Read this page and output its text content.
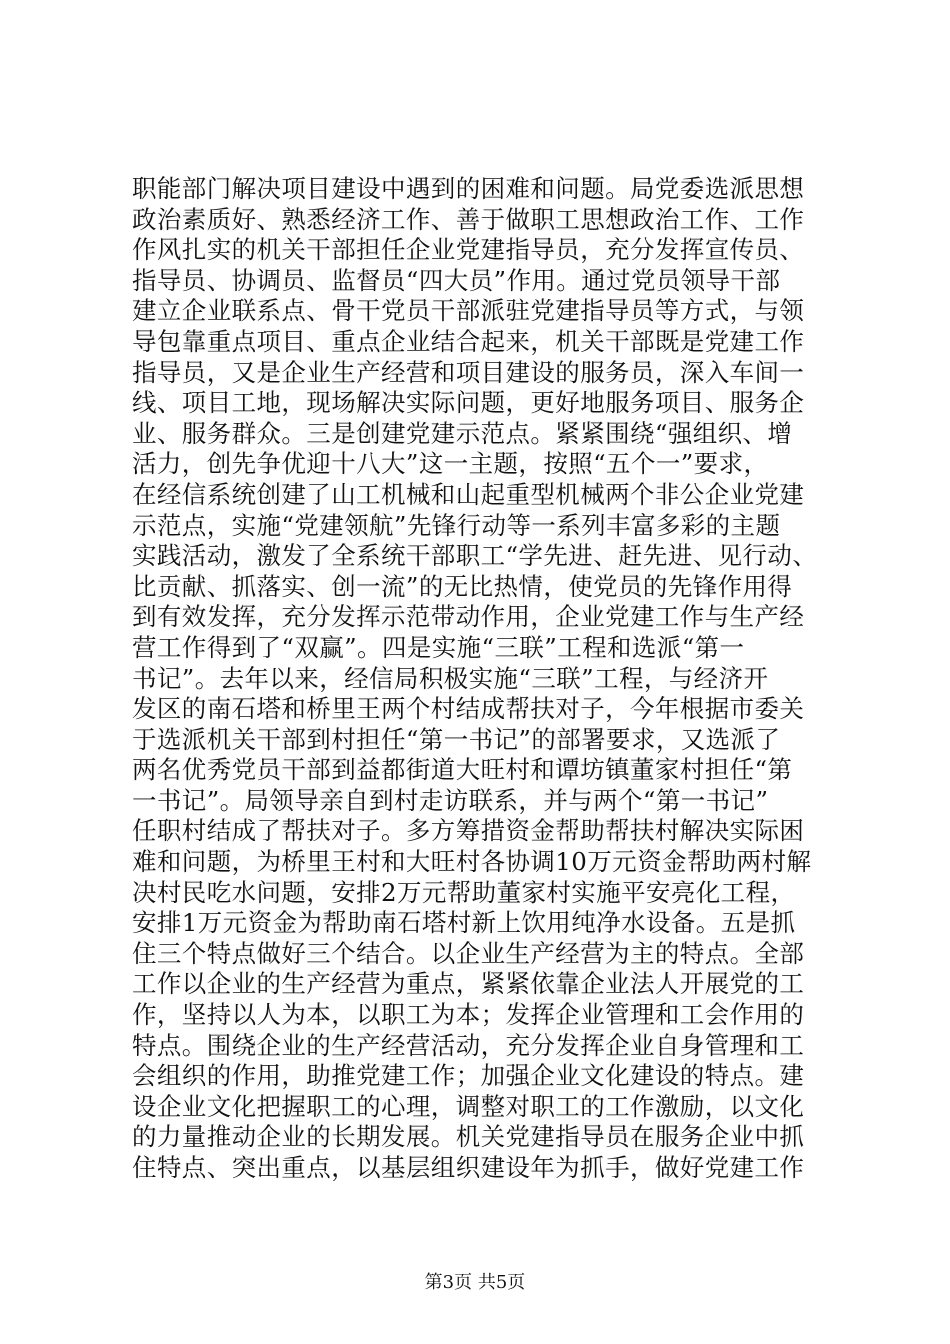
职能部门解决项目建设中遇到的困难和问题。局党委选派思想
政治素质好、熟悉经济工作、善于做职工思想政治工作、工作
作风扎实的机关干部担任企业党建指导员，充分发挥宣传员、
指导员、协调员、监督员“四大员”作用。通过党员领导干部
建立企业联系点、骨干党员干部派驻党建指导员等方式，与领
导包靠重点项目、重点企业结合起来，机关干部既是党建工作
指导员，又是企业生产经营和项目建设的服务员，深入车间一
线、项目工地，现场解决实际问题，更好地服务项目、服务企
业、服务群众。三是创建党建示范点。紧紧围绕“强组织、增
活力，创先争优迎十八大”这一主题，按照“五个一”要求，
在经信系统创建了山工机械和山起重型机械两个非公企业党建
示范点，实施“党建领航”先锋行动等一系列丰富多彩的主题
实践活动，激发了全系统干部职工“学先进、赶先进、见行动、
比贡献、抓落实、创一流”的无比热情，使党员的先锋作用得
到有效发挥，充分发挥示范带动作用，企业党建工作与生产经
营工作得到了“双赢”。四是实施“三联”工程和选派“第一
书记”。去年以来，经信局积极实施“三联”工程，与经济开
发区的南石塔和桥里王两个村结成帮扶对子，今年根据市委关
于选派机关干部到村担任“第一书记”的部署要求，又选派了
两名优秀党员干部到益都街道大旺村和谭坊镇董家村担任“第
一书记”。局领导亲自到村走访联系，并与两个“第一书记”
任职村结成了帮扶对子。多方筹措资金帮助帮扶村解决实际困
难和问题，为桥里王村和大旺村各协调10万元资金帮助两村解
决村民吃水问题，安排2万元帮助董家村实施平安亮化工程，
安排1万元资金为帮助南石塔村新上饮用纯净水设备。五是抓
住三个特点做好三个结合。以企业生产经营为主的特点。全部
工作以企业的生产经营为重点，紧紧依靠企业法人开展党的工
作，坚持以人为本，以职工为本；发挥企业管理和工会作用的
特点。围绕企业的生产经营活动，充分发挥企业自身管理和工
会组织的作用，助推党建工作；加强企业文化建设的特点。建
设企业文化把握职工的心理，调整对职工的工作激励，以文化
的力量推动企业的长期发展。机关党建指导员在服务企业中抓
住特点、突出重点，以基层组织建设年为抓手，做好党建工作
第3页 共5页
